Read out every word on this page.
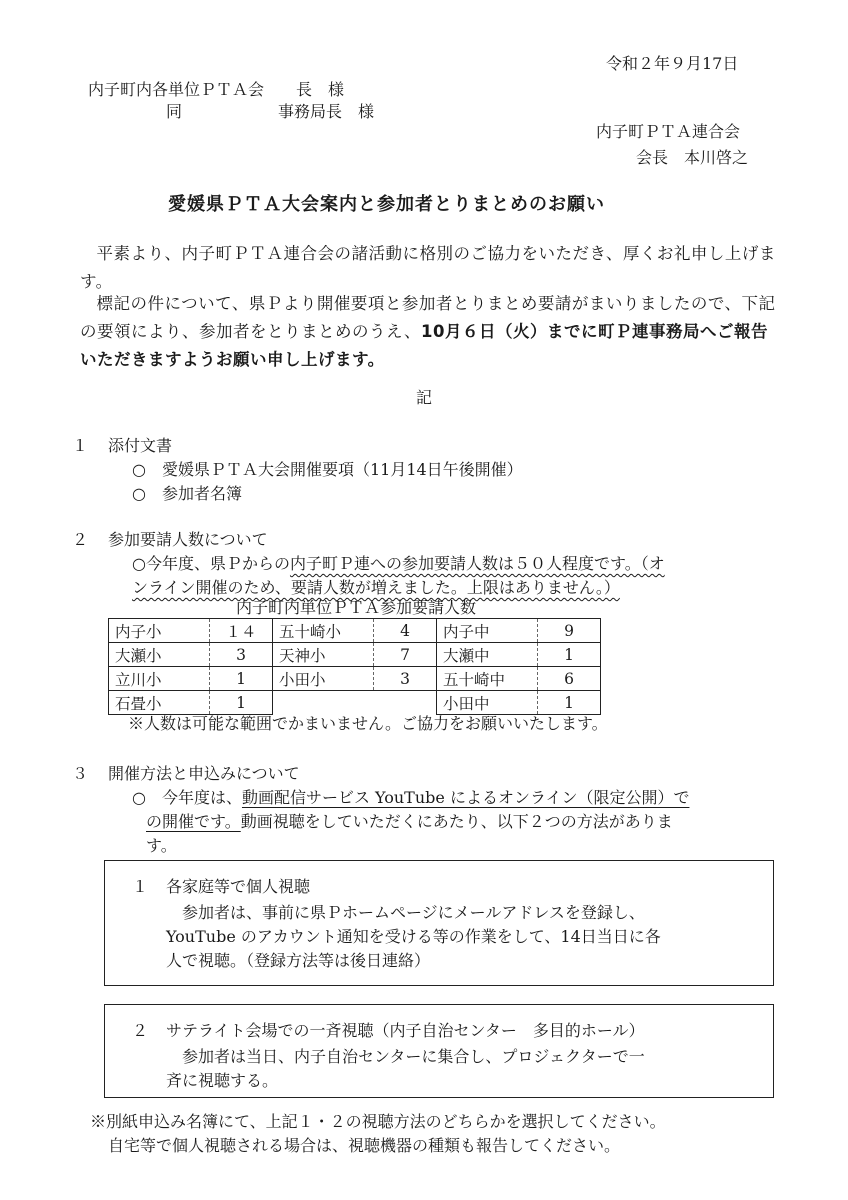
令和２年９月17日
内子町内各単位ＰＴＡ会　　長　様
同	事務局長　様
内子町ＰＴＡ連合会
会長　本川啓之
愛媛県ＰＴＡ大会案内と参加者とりまとめのお願い
平素より、内子町ＰＴＡ連合会の諸活動に格別のご協力をいただき、厚くお礼申し上げます。
標記の件について、県Ｐより開催要項と参加者とりまとめ要請がまいりましたので、下記の要領により、参加者をとりまとめのうえ、10月６日（火）までに町Ｐ連事務局へご報告いただきますようお願い申し上げます。
記
１ 添付文書
○　愛媛県ＰＴＡ大会開催要項（11月14日午後開催）
○　参加者名簿
２ 参加要請人数について
○今年度、県Ｐからの内子町Ｐ連への参加要請人数は５０人程度です。（オ
ンライン開催のため、要請人数が増えました。上限はありません。）
内子町内単位ＰＴＡ参加要請人数
内子小	１４	五十崎小	4	内子中	9
大瀬小	3	天神小	7	大瀬中	1
立川小	1	小田小	3	五十崎中	6
石畳小	1			小田中	1
※人数は可能な範囲でかまいません。ご協力をお願いいたします。
３ 開催方法と申込みについて
○　今年度は、動画配信サービス YouTube によるオンライン（限定公開）で
の開催です。動画視聴をしていただくにあたり、以下２つの方法がありま
す。
１ 各家庭等で個人視聴
参加者は、事前に県Ｐホームページにメールアドレスを登録し、
YouTube のアカウント通知を受ける等の作業をして、14日当日に各
人で視聴。（登録方法等は後日連絡）
２ サテライト会場での一斉視聴（内子自治センター　多目的ホール）
参加者は当日、内子自治センターに集合し、プロジェクターで一
斉に視聴する。
※別紙申込み名簿にて、上記１・２の視聴方法のどちらかを選択してください。
自宅等で個人視聴される場合は、視聴機器の種類も報告してください。
